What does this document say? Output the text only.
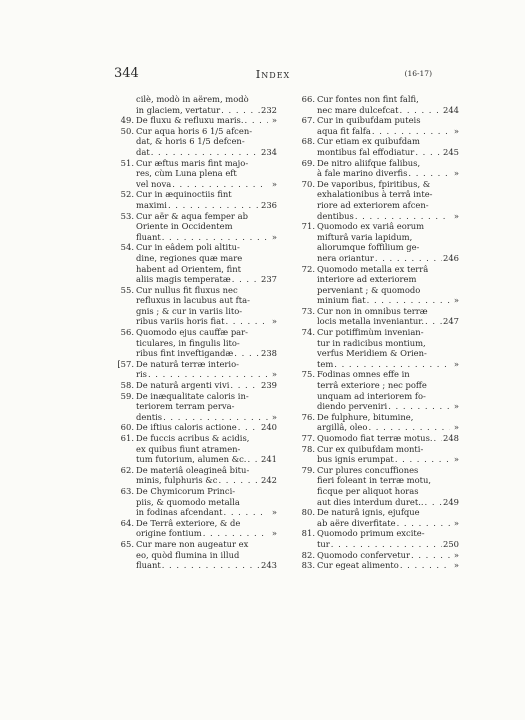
344	Index	(16-17)
cilè, modò in aërem, modò
in glaciem, vertatur . . .	232
49. De fluxu & refluxu maris. . . .	»
50. Cur aqua horis 6 1/5 afcen-
dat, & horis 6 1/5 defcen-
dat . . .	234
51. Cur æftus maris fint majo-
res, cùm Luna plena eft
vel nova . . .	»
52. Cur in æquinoctiis fint
maximi . . .	236
53. Cur aër & aqua femper ab
Oriente in Occidentem
fluant . . .	»
54. Cur in eâdem poli altitu-
dine, regiones quæ mare
habent ad Orientem, fint
aliis magis temperatæ . . .	237
55. Cur nullus fit fluxus nec
refluxus in lacubus aut fta-
gnis ; & cur in variis lito-
ribus variis horis fiat . . .	»
56. Quomodo ejus cauffæ par-
ticulares, in fingulis lito-
ribus fint inveftigandæ . . .	238
[57. De naturâ terræ interio-
ris . . .	»
58. De naturâ argenti vivi . . .	239
59. De inæqualitate caloris in-
teriorem terram perva-
dentis . . .	»
60. De iftius caloris actione . . .	240
61. De fuccis acribus & acidis,
ex quibus fiunt atramen-
tum futorium, alumen &c. . . . 241
62. De materiâ oleagineâ bitu-
minis, fulphuris &c . . .	242
63. De Chymicorum Princi-
piis, & quomodo metalla
in fodinas afcendant . . .	»
64. De Terrâ exteriore, & de
origine fontium . . .	»
65. Cur mare non augeatur ex
eo, quòd flumina in illud
fluant . . .	243
66. Cur fontes non fint falfi,
nec mare dulcefcat . . .	244
67. Cur in quibufdam puteis
aqua fit falfa . . .	»
68. Cur etiam ex quibufdam
montibus fal effodiatur . . .	245
69. De nitro aliifque falibus,
à fale marino diverfis . . .	»
70. De vaporibus, fpiritibus, &
exhalationibus à terrâ inte-
riore ad exteriorem afcen-
dentibus . . .	»
71. Quomodo ex variâ eorum
mifturâ varia lapidum,
aliorumque foffilium ge-
nera oriantur . . .	246
72. Quomodo metalla ex terrâ
interiore ad exteriorem
perveniant ; & quomodo
minium fiat . . .	»
73. Cur non in omnibus terræ
locis metalla inveniantur. . . . 247
74. Cur potiffimùm invenian-
tur in radicibus montium,
verfus Meridiem & Orien-
tem . . .	»
75. Fodinas omnes effe in
terrâ exteriore ; nec poffe
unquam ad interiorem fo-
diendo perveniri . . .	»
76. De fulphure, bitumine,
argillâ, oleo . . .	»
77. Quomodo fiat terræ motus. . . . 248
78. Cur ex quibufdam monti-
bus ignis erumpat . . .	»
79. Cur plures concuffiones
fieri foleant in terræ motu,
ficque per aliquot horas
aut dies interdum duret.. . . . 249
80. De naturâ ignis, ejufque
ab aëre diverfitate . . .	»
81. Quomodo primum excite-
tur . . .	250
82. Quomodo confervetur . . .	»
83. Cur egeat alimento . . .	»
